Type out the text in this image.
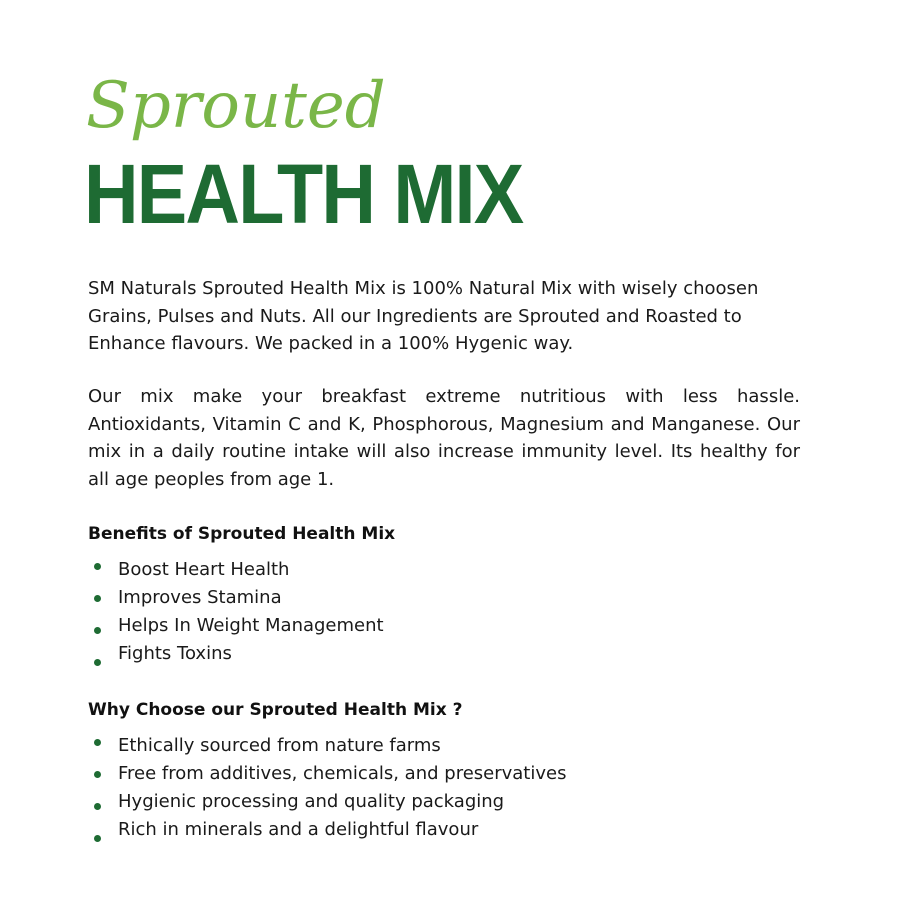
Sprouted
HEALTH MIX

SM Naturals Sprouted Health Mix is 100% Natural Mix with wisely choosen Grains, Pulses and Nuts. All our Ingredients are Sprouted and Roasted to Enhance flavours. We packed in a 100% Hygenic way.

Our mix make your breakfast extreme nutritious with less hassle. Antioxidants, Vitamin C and K, Phosphorous, Magnesium and Manganese. Our mix in a daily routine intake will also increase immunity level. Its healthy for all age peoples from age 1.

Benefits of Sprouted Health Mix
Boost Heart Health
Improves Stamina
Helps In Weight Management
Fights Toxins
Why Choose our Sprouted Health Mix ?
Ethically sourced from nature farms
Free from additives, chemicals, and preservatives
Hygienic processing and quality packaging
Rich in minerals and a delightful flavour
